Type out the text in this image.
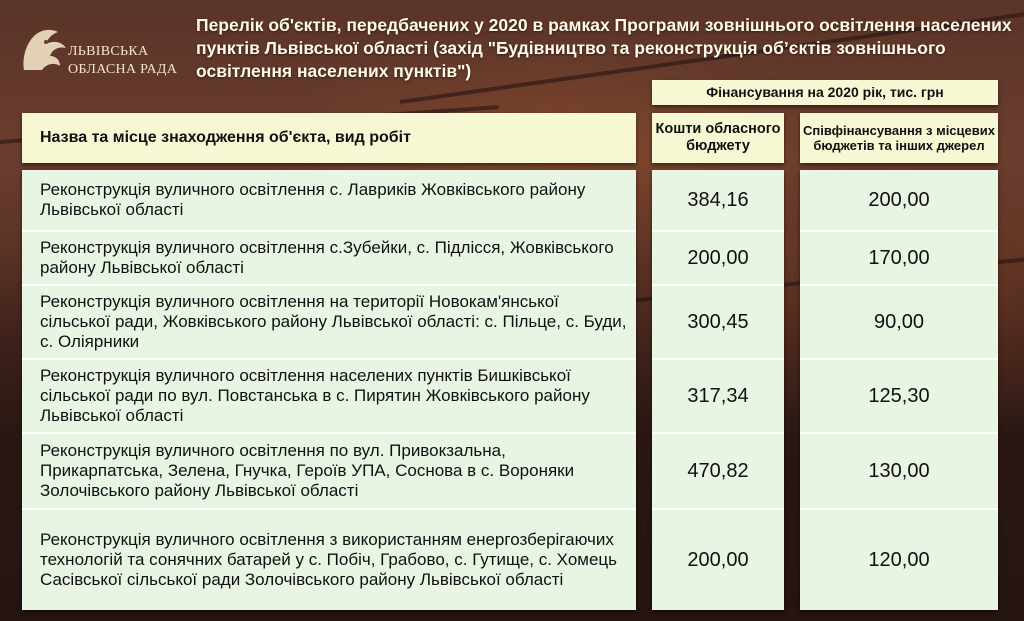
ЛЬВІВСЬКА
ОБЛАСНА РАДА
Перелік об'єктів, передбачених у 2020 в рамках Програми зовнішнього освітлення населених пунктів Львівської області (захід "Будівництво та реконструкція об’єктів зовнішнього освітлення населених пунктів")
Фінансування на 2020 рік, тис. грн
Назва та місце знаходження об'єкта, вид робіт	Кошти обласного бюджету
Співфінансування з місцевих бюджетів та інших джерел
Реконструкція вуличного освітлення с. Лаврикiв Жовкiвського району Львiвської області
Реконструкція вуличного освітлення с.Зубейки, с. Підлісся, Жовківського району Львівської області
Реконструкція вуличного освітлення на території Новокам'янської сільської ради, Жовківського району Львівської області: с. Пільце, с. Буди, с. Оліярники
Реконструкція вуличного освітлення населених пунктів Бишківської сільської ради по вул. Повстанська в с. Пирятин Жовківського району Львівської області
Реконструкція вуличного освітлення по вул. Привокзальна, Прикарпатська, Зелена, Гнучка, Героїв УПА, Соснова в с. Вороняки Золочівського району Львівської області
Реконструкція вуличного освітлення з використанням енергозберігаючих технологій та сонячних батарей у с. Побіч, Грабово, с. Гутище, с. Хомець Сасівської сільської ради Золочівського району Львівської області
384,16
200,00
300,45
317,34
470,82
200,00
200,00
170,00
90,00
125,30
130,00
120,00
